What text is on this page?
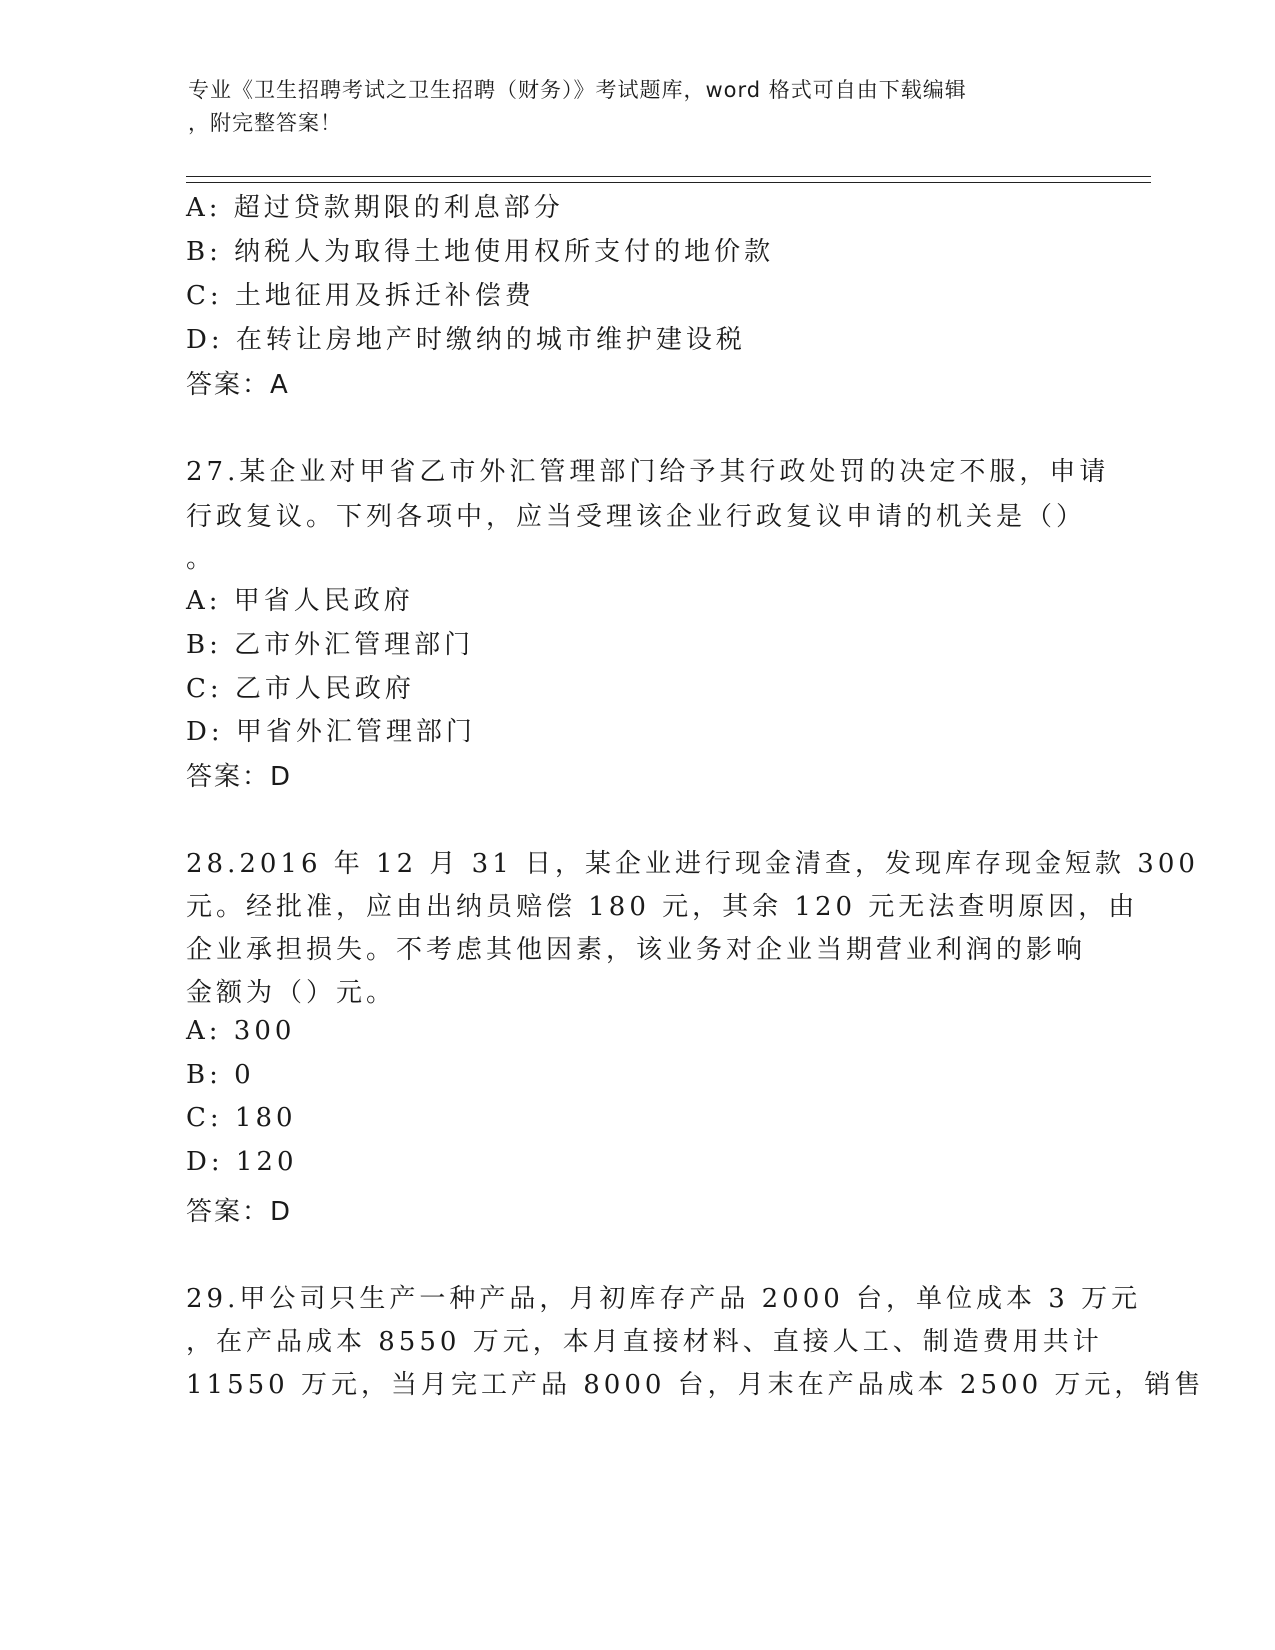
专业《卫生招聘考试之卫生招聘（财务）》考试题库，word 格式可自由下载编辑
，附完整答案！
A: 超过贷款期限的利息部分
B: 纳税人为取得土地使用权所支付的地价款
C: 土地征用及拆迁补偿费
D: 在转让房地产时缴纳的城市维护建设税
答案：A
27.某企业对甲省乙市外汇管理部门给予其行政处罚的决定不服，申请
行政复议。下列各项中，应当受理该企业行政复议申请的机关是（）
。
A: 甲省人民政府
B: 乙市外汇管理部门
C: 乙市人民政府
D: 甲省外汇管理部门
答案：D
28.2016 年 12 月 31 日，某企业进行现金清查，发现库存现金短款 300
元。经批准，应由出纳员赔偿 180 元，其余 120 元无法查明原因，由
企业承担损失。不考虑其他因素，该业务对企业当期营业利润的影响
金额为（）元。
A: 300
B: 0
C: 180
D: 120
答案：D
29.甲公司只生产一种产品，月初库存产品 2000 台，单位成本 3 万元
，在产品成本 8550 万元，本月直接材料、直接人工、制造费用共计
11550 万元，当月完工产品 8000 台，月末在产品成本 2500 万元，销售
